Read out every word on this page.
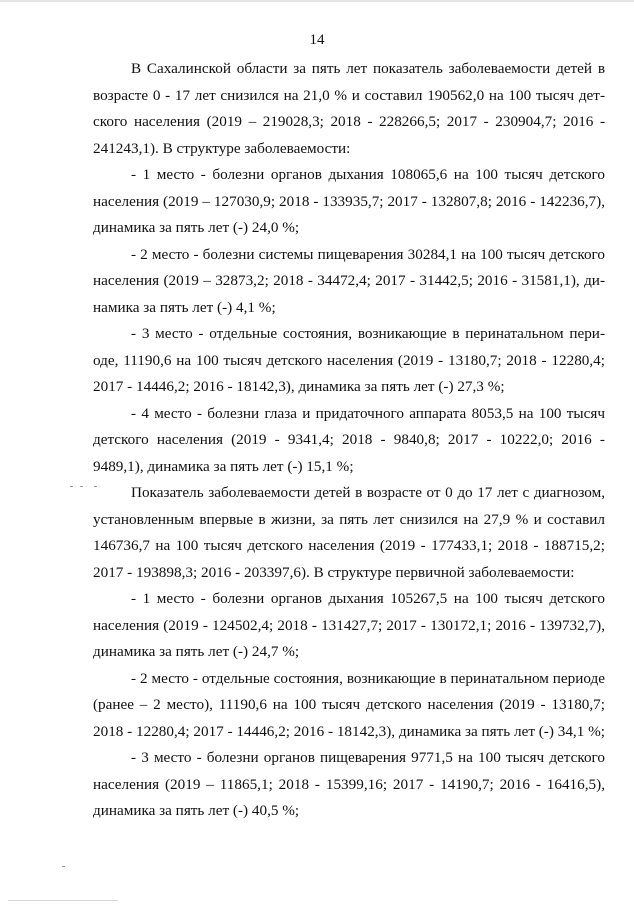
14

В Сахалинской области за пять лет показатель заболеваемости детей в возрасте 0 - 17 лет снизился на 21,0 % и составил 190562,0 на 100 тысяч детского населения (2019 – 219028,3; 2018 - 228266,5; 2017 - 230904,7; 2016 - 241243,1). В структуре заболеваемости:

- 1 место - болезни органов дыхания 108065,6 на 100 тысяч детского населения (2019 – 127030,9; 2018 - 133935,7; 2017 - 132807,8; 2016 - 142236,7), динамика за пять лет (-) 24,0 %;

- 2 место - болезни системы пищеварения 30284,1 на 100 тысяч детского населения (2019 – 32873,2; 2018 - 34472,4; 2017 - 31442,5; 2016 - 31581,1), динамика за пять лет (-) 4,1 %;

- 3 место - отдельные состояния, возникающие в перинатальном периоде, 11190,6 на 100 тысяч детского населения (2019 - 13180,7; 2018 - 12280,4; 2017 - 14446,2; 2016 - 18142,3), динамика за пять лет (-) 27,3 %;

- 4 место - болезни глаза и придаточного аппарата 8053,5 на 100 тысяч детского населения (2019 - 9341,4; 2018 - 9840,8; 2017 - 10222,0; 2016 - 9489,1), динамика за пять лет (-) 15,1 %;

Показатель заболеваемости детей в возрасте от 0 до 17 лет с диагнозом, установленным впервые в жизни, за пять лет снизился на 27,9 % и составил 146736,7 на 100 тысяч детского населения (2019 - 177433,1; 2018 - 188715,2; 2017 - 193898,3; 2016 - 203397,6). В структуре первичной заболеваемости:

- 1 место - болезни органов дыхания 105267,5 на 100 тысяч детского населения (2019 - 124502,4; 2018 - 131427,7; 2017 - 130172,1; 2016 - 139732,7), динамика за пять лет (-) 24,7 %;

- 2 место - отдельные состояния, возникающие в перинатальном периоде (ранее – 2 место), 11190,6 на 100 тысяч детского населения (2019 - 13180,7; 2018 - 12280,4; 2017 - 14446,2; 2016 - 18142,3), динамика за пять лет (-) 34,1 %;

- 3 место - болезни органов пищеварения 9771,5 на 100 тысяч детского населения (2019 – 11865,1; 2018 - 15399,16; 2017 - 14190,7; 2016 - 16416,5), динамика за пять лет (-) 40,5 %;
